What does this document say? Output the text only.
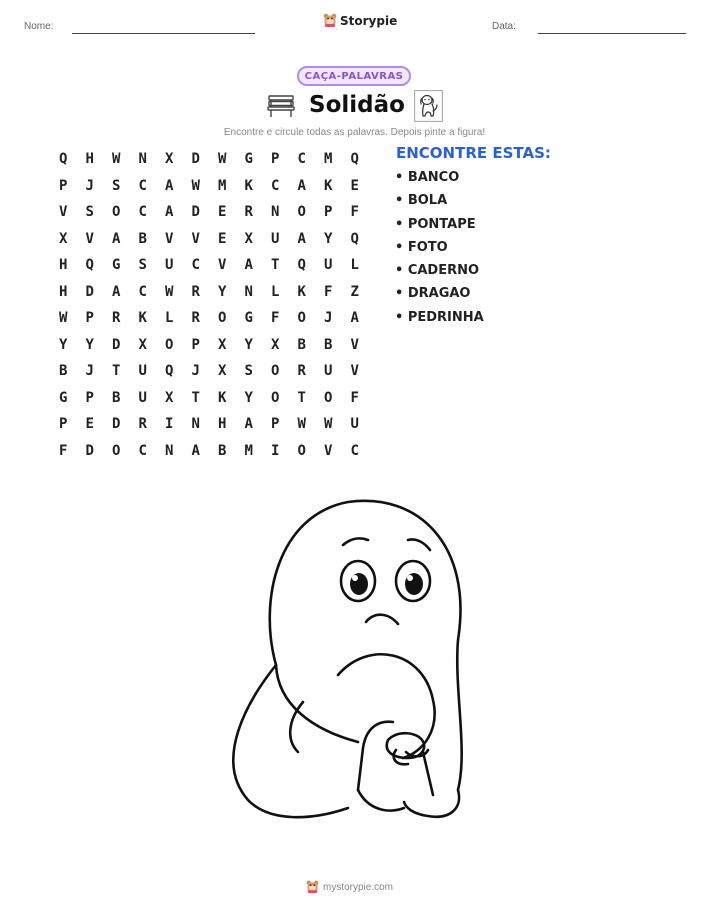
Nome:	Storypie	Data:
CAÇA-PALAVRAS
Solidão
Encontre e circule todas as palavras. Depois pinte a figura!
Q	H	W	N	X	D	W	G	P	C	M	Q
P	J	S	C	A	W	M	K	C	A	K	E
V	S	O	C	A	D	E	R	N	O	P	F
X	V	A	B	V	V	E	X	U	A	Y	Q
H	Q	G	S	U	C	V	A	T	Q	U	L
H	D	A	C	W	R	Y	N	L	K	F	Z
W	P	R	K	L	R	O	G	F	O	J	A
Y	Y	D	X	O	P	X	Y	X	B	B	V
B	J	T	U	Q	J	X	S	O	R	U	V
G	P	B	U	X	T	K	Y	O	T	O	F
P	E	D	R	I	N	H	A	P	W	W	U
F	D	O	C	N	A	B	M	I	O	V	C
ENCONTRE ESTAS:
• BANCO
• BOLA
• PONTAPE
• FOTO
• CADERNO
• DRAGAO
• PEDRINHA
mystorypie.com
